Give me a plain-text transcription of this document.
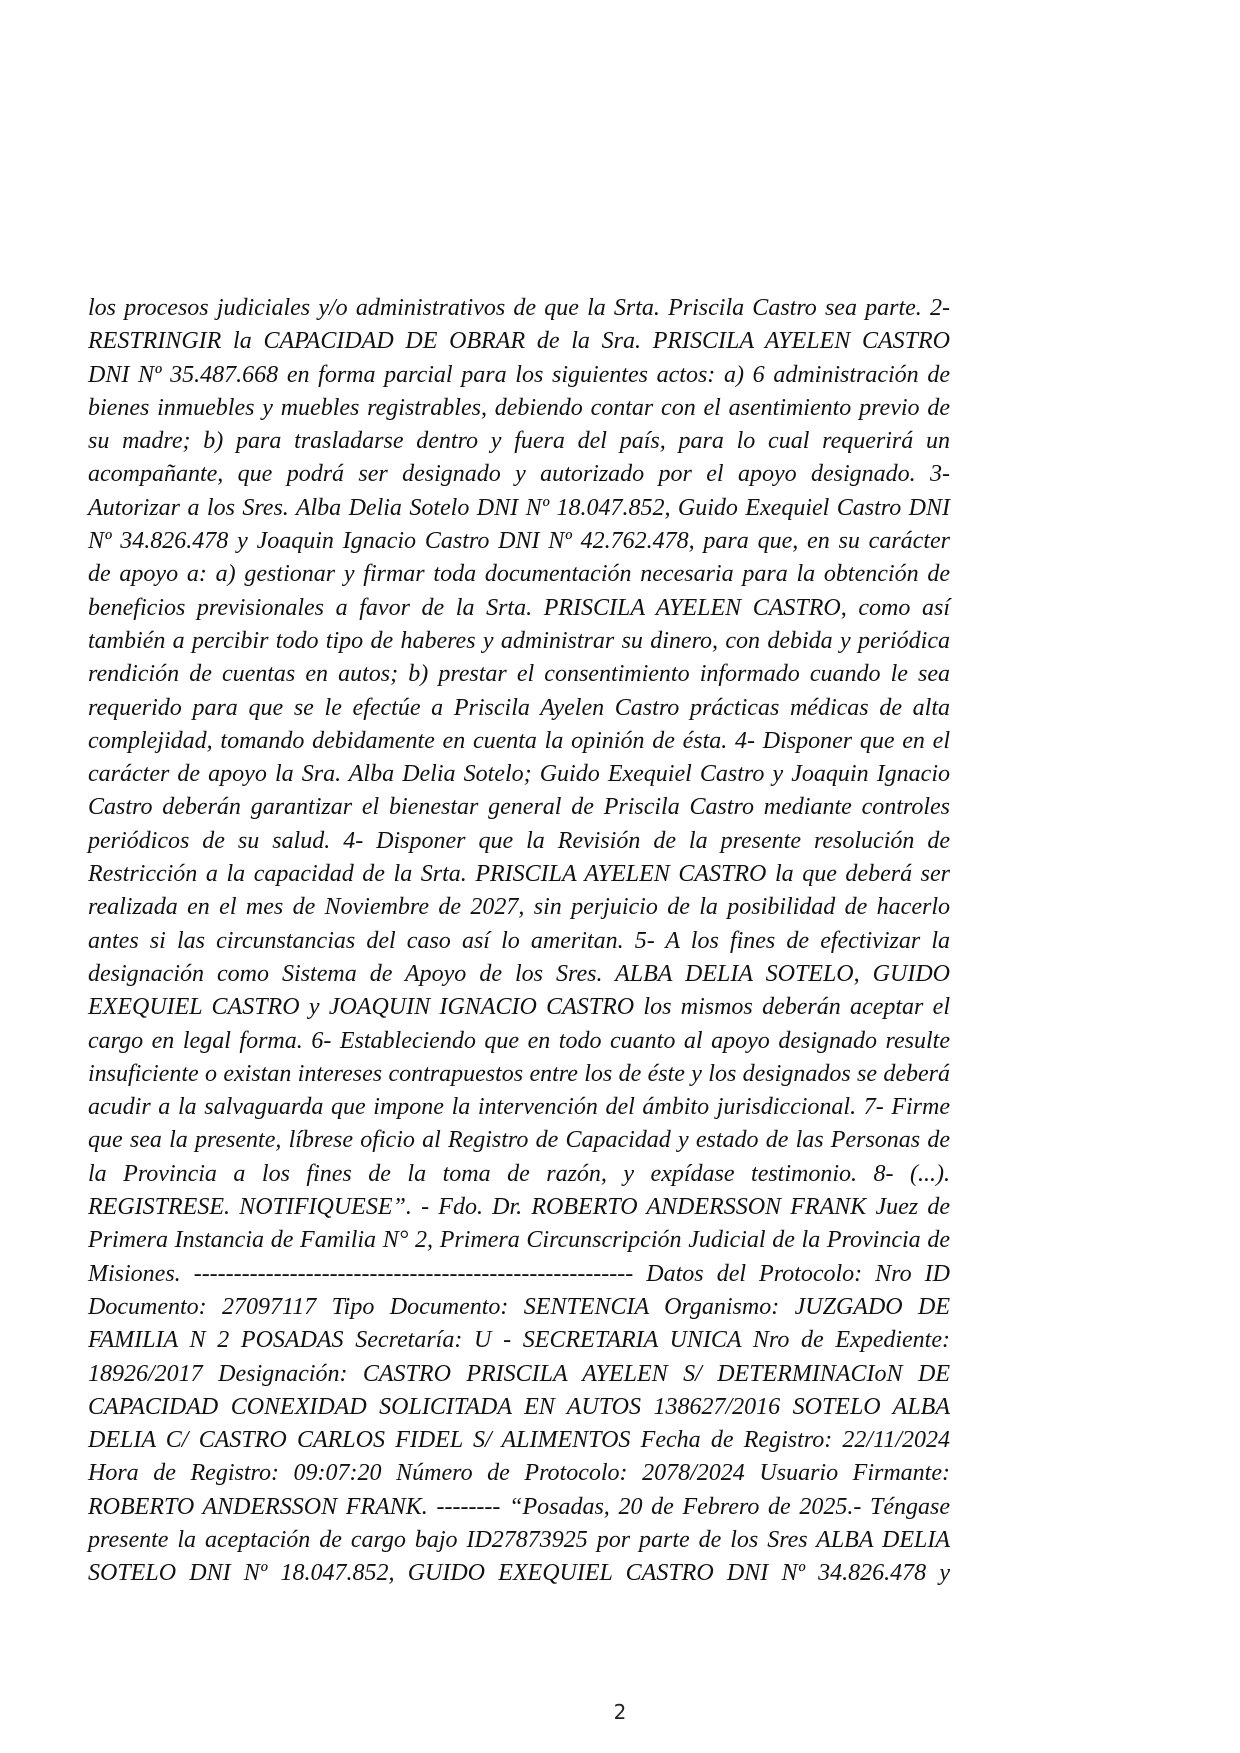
los procesos judiciales y/o administrativos de que la Srta. Priscila Castro sea parte. 2-
RESTRINGIR la CAPACIDAD DE OBRAR de la Sra. PRISCILA AYELEN CASTRO
DNI Nº 35.487.668 en forma parcial para los siguientes actos: a) 6 administración de
bienes inmuebles y muebles registrables, debiendo contar con el asentimiento previo de
su madre; b) para trasladarse dentro y fuera del país, para lo cual requerirá un
acompañante, que podrá ser designado y autorizado por el apoyo designado. 3-
Autorizar a los Sres. Alba Delia Sotelo DNI Nº 18.047.852, Guido Exequiel Castro DNI
Nº 34.826.478 y Joaquin Ignacio Castro DNI Nº 42.762.478, para que, en su carácter
de apoyo a: a) gestionar y firmar toda documentación necesaria para la obtención de
beneficios previsionales a favor de la Srta. PRISCILA AYELEN CASTRO, como así
también a percibir todo tipo de haberes y administrar su dinero, con debida y periódica
rendición de cuentas en autos; b) prestar el consentimiento informado cuando le sea
requerido para que se le efectúe a Priscila Ayelen Castro prácticas médicas de alta
complejidad, tomando debidamente en cuenta la opinión de ésta. 4- Disponer que en el
carácter de apoyo la Sra. Alba Delia Sotelo; Guido Exequiel Castro y Joaquin Ignacio
Castro deberán garantizar el bienestar general de Priscila Castro mediante controles
periódicos de su salud. 4- Disponer que la Revisión de la presente resolución de
Restricción a la capacidad de la Srta. PRISCILA AYELEN CASTRO la que deberá ser
realizada en el mes de Noviembre de 2027, sin perjuicio de la posibilidad de hacerlo
antes si las circunstancias del caso así lo ameritan. 5- A los fines de efectivizar la
designación como Sistema de Apoyo de los Sres. ALBA DELIA SOTELO, GUIDO
EXEQUIEL CASTRO y JOAQUIN IGNACIO CASTRO los mismos deberán aceptar el
cargo en legal forma. 6- Estableciendo que en todo cuanto al apoyo designado resulte
insuficiente o existan intereses contrapuestos entre los de éste y los designados se deberá
acudir a la salvaguarda que impone la intervención del ámbito jurisdiccional. 7- Firme
que sea la presente, líbrese oficio al Registro de Capacidad y estado de las Personas de
la Provincia a los fines de la toma de razón, y expídase testimonio. 8- (...).
REGISTRESE. NOTIFIQUESE”. - Fdo. Dr. ROBERTO ANDERSSON FRANK Juez de
Primera Instancia de Familia N° 2, Primera Circunscripción Judicial de la Provincia de
Misiones. ------------------------------------------------------- Datos del Protocolo: Nro ID
Documento: 27097117 Tipo Documento: SENTENCIA Organismo: JUZGADO DE
FAMILIA N 2 POSADAS Secretaría: U - SECRETARIA UNICA Nro de Expediente:
18926/2017 Designación: CASTRO PRISCILA AYELEN S/ DETERMINACIoN DE
CAPACIDAD CONEXIDAD SOLICITADA EN AUTOS 138627/2016 SOTELO ALBA
DELIA C/ CASTRO CARLOS FIDEL S/ ALIMENTOS Fecha de Registro: 22/11/2024
Hora de Registro: 09:07:20 Número de Protocolo: 2078/2024 Usuario Firmante:
ROBERTO ANDERSSON FRANK. -------- “Posadas, 20 de Febrero de 2025.- Téngase
presente la aceptación de cargo bajo ID27873925 por parte de los Sres ALBA DELIA
SOTELO DNI Nº 18.047.852, GUIDO EXEQUIEL CASTRO DNI Nº 34.826.478 y
2
